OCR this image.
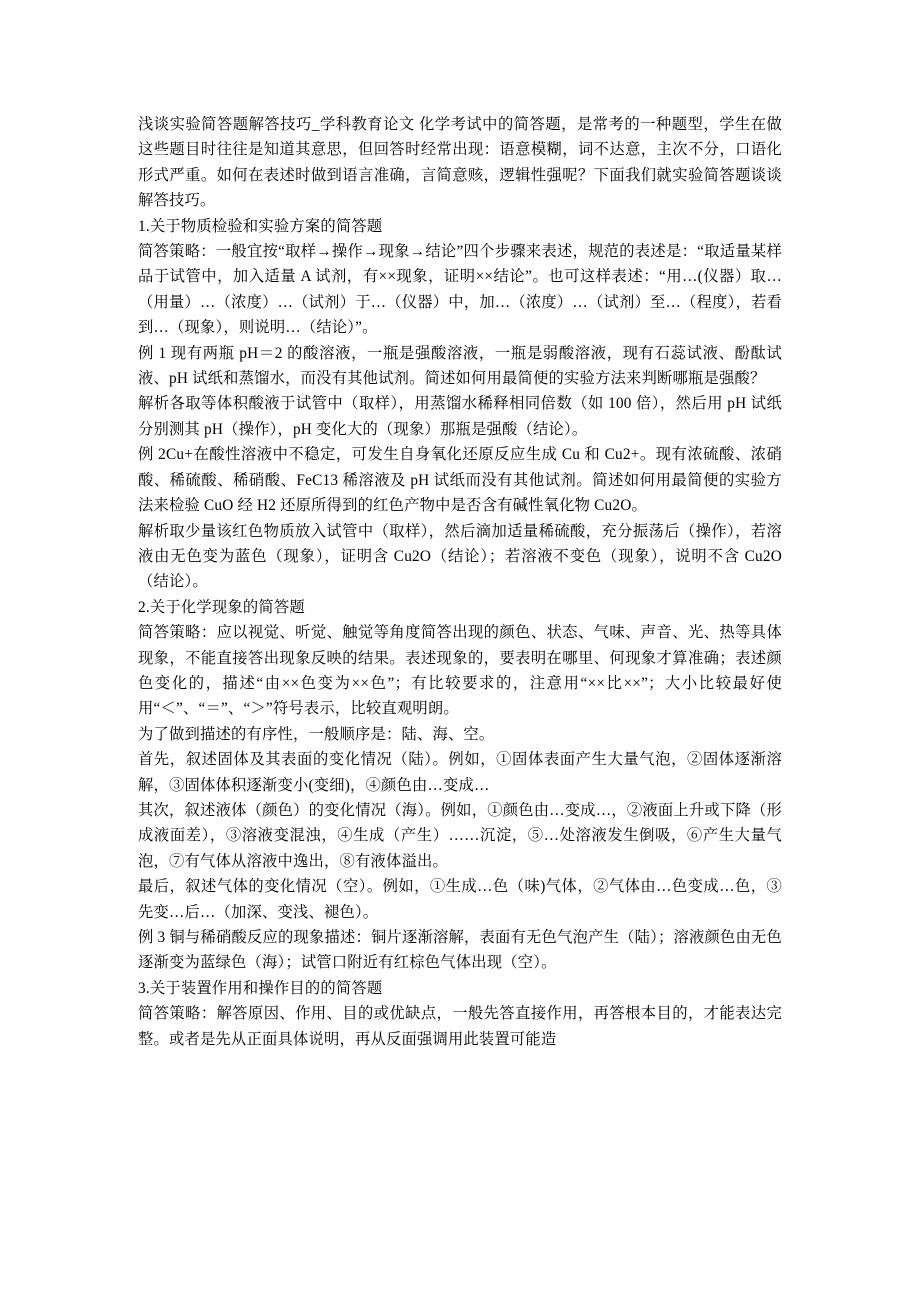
浅谈实验简答题解答技巧_学科教育论文 化学考试中的简答题，是常考的一种题型，学生在做这些题目时往往是知道其意思，但回答时经常出现：语意模糊，词不达意，主次不分，口语化形式严重。如何在表述时做到语言准确，言简意赅，逻辑性强呢？下面我们就实验简答题谈谈解答技巧。

1.关于物质检验和实验方案的简答题

简答策略：一般宜按“取样→操作→现象→结论”四个步骤来表述，规范的表述是：“取适量某样品于试管中，加入适量 A 试剂，有××现象，证明××结论”。也可这样表述：“用…(仪器）取…（用量）…（浓度）…（试剂）于…（仪器）中，加…（浓度）…（试剂）至…（程度），若看到…（现象），则说明…（结论）”。

例 1 现有两瓶 pH＝2 的酸溶液，一瓶是强酸溶液，一瓶是弱酸溶液，现有石蕊试液、酚酞试液、pH 试纸和蒸馏水，而没有其他试剂。简述如何用最简便的实验方法来判断哪瓶是强酸？

解析各取等体积酸液于试管中（取样），用蒸馏水稀释相同倍数（如 100 倍），然后用 pH 试纸分别测其 pH（操作），pH 变化大的（现象）那瓶是强酸（结论）。

例 2Cu+在酸性溶液中不稳定，可发生自身氧化还原反应生成 Cu 和 Cu2+。现有浓硫酸、浓硝酸、稀硫酸、稀硝酸、FeC13 稀溶液及 pH 试纸而没有其他试剂。简述如何用最简便的实验方法来检验 CuO 经 H2 还原所得到的红色产物中是否含有碱性氧化物 Cu2O。

解析取少量该红色物质放入试管中（取样），然后滴加适量稀硫酸，充分振荡后（操作），若溶液由无色变为蓝色（现象），证明含 Cu2O（结论）；若溶液不变色（现象），说明不含 Cu2O（结论）。

2.关于化学现象的简答题

简答策略：应以视觉、听觉、触觉等角度简答出现的颜色、状态、气味、声音、光、热等具体现象，不能直接答出现象反映的结果。表述现象的，要表明在哪里、何现象才算准确；表述颜色变化的，描述“由××色变为××色”；有比较要求的，注意用“××比××”；大小比较最好使用“＜”、“＝”、“＞”符号表示，比较直观明朗。

为了做到描述的有序性，一般顺序是：陆、海、空。

首先，叙述固体及其表面的变化情况（陆）。例如，①固体表面产生大量气泡，②固体逐渐溶解，③固体体积逐渐变小(变细)，④颜色由…变成…

其次，叙述液体（颜色）的变化情况（海）。例如，①颜色由…变成…，②液面上升或下降（形成液面差），③溶液变混浊，④生成（产生）……沉淀，⑤…处溶液发生倒吸，⑥产生大量气泡，⑦有气体从溶液中逸出，⑧有液体溢出。

最后，叙述气体的变化情况（空）。例如，①生成…色（味)气体，②气体由…色变成…色，③先变…后…（加深、变浅、褪色）。

例 3 铜与稀硝酸反应的现象描述：铜片逐渐溶解，表面有无色气泡产生（陆）；溶液颜色由无色逐渐变为蓝绿色（海）；试管口附近有红棕色气体出现（空）。

3.关于装置作用和操作目的的简答题

简答策略：解答原因、作用、目的或优缺点，一般先答直接作用，再答根本目的，才能表达完整。或者是先从正面具体说明，再从反面强调用此装置可能造
